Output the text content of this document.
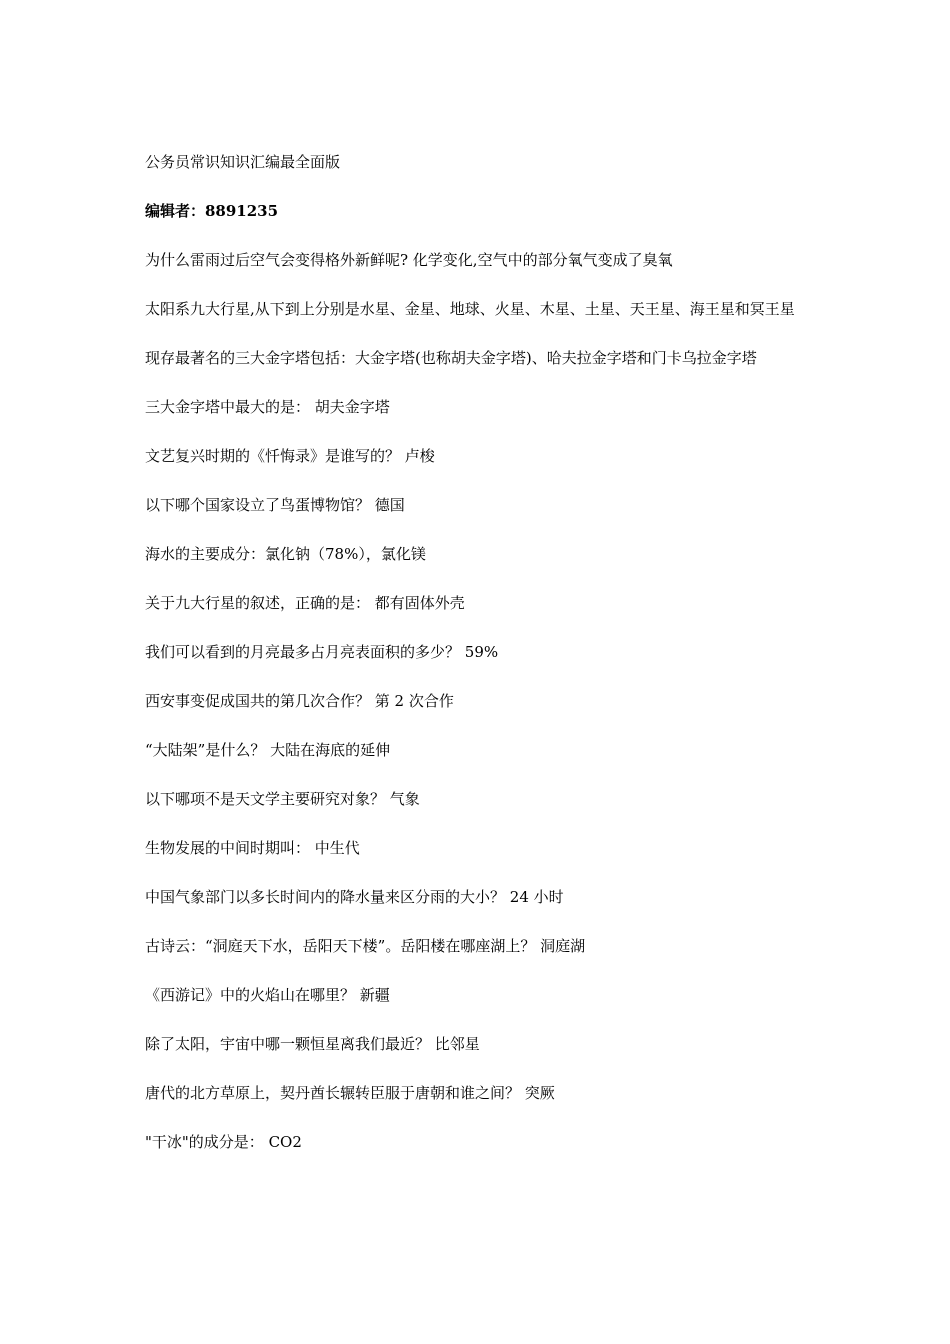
公务员常识知识汇编最全面版
编辑者：8891235
为什么雷雨过后空气会变得格外新鲜呢? 化学变化,空气中的部分氧气变成了臭氧
太阳系九大行星,从下到上分别是水星、金星、地球、火星、木星、土星、天王星、海王星和冥王星
现存最著名的三大金字塔包括：大金字塔(也称胡夫金字塔)、哈夫拉金字塔和门卡乌拉金字塔
三大金字塔中最大的是： 胡夫金字塔
文艺复兴时期的《忏悔录》是谁写的？ 卢梭
以下哪个国家设立了鸟蛋博物馆？ 德国
海水的主要成分：氯化钠（78%），氯化镁
关于九大行星的叙述，正确的是： 都有固体外壳
我们可以看到的月亮最多占月亮表面积的多少？ 59%
西安事变促成国共的第几次合作？ 第 2 次合作
“大陆架”是什么？ 大陆在海底的延伸
以下哪项不是天文学主要研究对象？ 气象
生物发展的中间时期叫： 中生代
中国气象部门以多长时间内的降水量来区分雨的大小？ 24 小时
古诗云：“洞庭天下水，岳阳天下楼”。岳阳楼在哪座湖上？ 洞庭湖
《西游记》中的火焰山在哪里？ 新疆
除了太阳，宇宙中哪一颗恒星离我们最近？ 比邻星
唐代的北方草原上，契丹酋长辗转臣服于唐朝和谁之间？ 突厥
"干冰"的成分是： CO2
